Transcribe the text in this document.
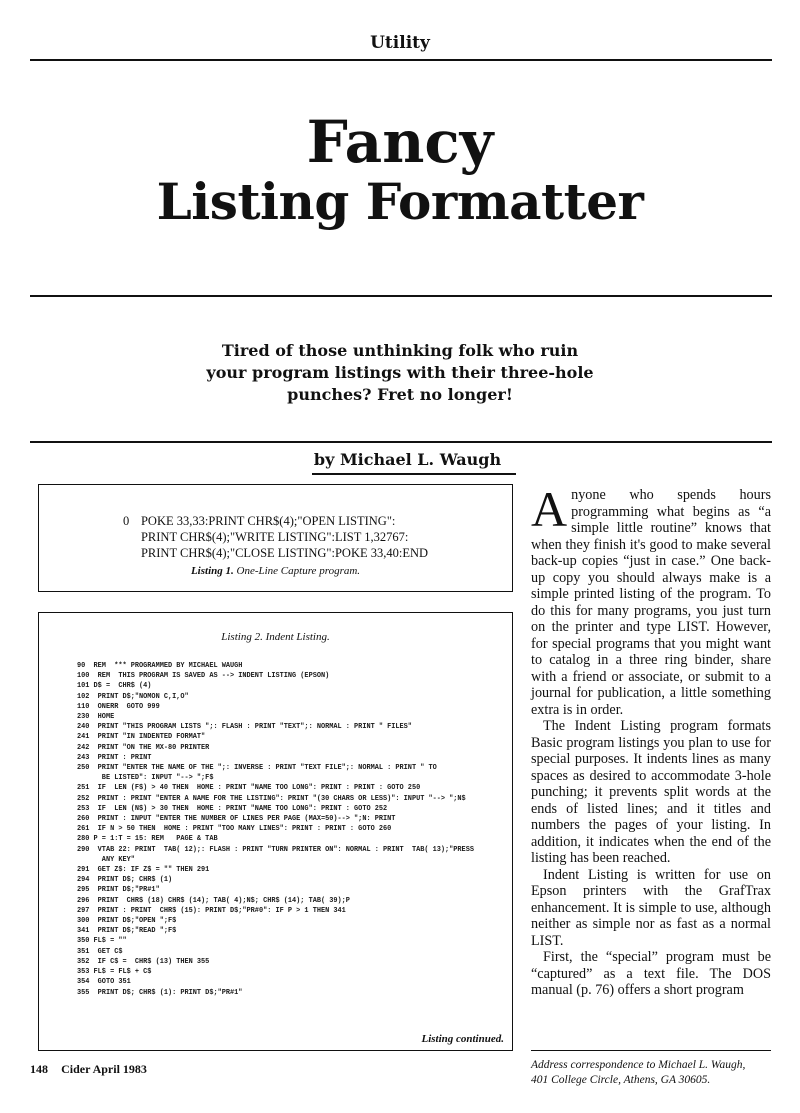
Utility
Fancy
Listing Formatter
Tired of those unthinking folk who ruin your program listings with their three-hole punches? Fret no longer!
by Michael L. Waugh
0 POKE 33,33:PRINT CHR$(4);"OPEN LISTING":
PRINT CHR$(4);"WRITE LISTING":LIST 1,32767:
PRINT CHR$(4);"CLOSE LISTING":POKE 33,40:END
Listing 1. One-Line Capture program.
Listing 2. Indent Listing.
90  REM  *** PROGRAMMED BY MICHAEL WAUGH
100  REM  THIS PROGRAM IS SAVED AS --> INDENT LISTING (EPSON)
101 D$ =  CHR$ (4)
102  PRINT D$;"NOMON C,I,O"
110  ONERR  GOTO 999
230  HOME
240  PRINT "THIS PROGRAM LISTS ";: FLASH : PRINT "TEXT";: NORMAL : PRINT " FILES"
241  PRINT "IN INDENTED FORMAT"
242  PRINT "ON THE MX-80 PRINTER
243  PRINT : PRINT
250  PRINT "ENTER THE NAME OF THE ";: INVERSE : PRINT "TEXT FILE";: NORMAL : PRINT " TO
BE LISTED": INPUT "--> ";F$
251  IF  LEN (F$) > 40 THEN  HOME : PRINT "NAME TOO LONG": PRINT : PRINT : GOTO 250
252  PRINT : PRINT "ENTER A NAME FOR THE LISTING": PRINT "(30 CHARS OR LESS)": INPUT "--> ";N$
253  IF  LEN (N$) > 30 THEN  HOME : PRINT "NAME TOO LONG": PRINT : GOTO 252
260  PRINT : INPUT "ENTER THE NUMBER OF LINES PER PAGE (MAX=50)--> ";N: PRINT
261  IF N > 50 THEN  HOME : PRINT "TOO MANY LINES": PRINT : PRINT : GOTO 260
280 P = 1:T = 15: REM   PAGE & TAB
290  VTAB 22: PRINT  TAB( 12);: FLASH : PRINT "TURN PRINTER ON": NORMAL : PRINT  TAB( 13);"PRESS
ANY KEY"
291  GET Z$: IF Z$ = "" THEN 291
294  PRINT D$; CHR$ (1)
295  PRINT D$;"PR#1"
296  PRINT  CHR$ (18) CHR$ (14); TAB( 4);N$; CHR$ (14); TAB( 39);P
297  PRINT : PRINT  CHR$ (15): PRINT D$;"PR#0": IF P > 1 THEN 341
300  PRINT D$;"OPEN ";F$
341  PRINT D$;"READ ";F$
350 FL$ = ""
351  GET C$
352  IF C$ =  CHR$ (13) THEN 355
353 FL$ = FL$ + C$
354  GOTO 351
355  PRINT D$; CHR$ (1): PRINT D$;"PR#1"
Listing continued.

Anyone who spends hours programming what begins as “a simple little routine” knows that when they finish it's good to make several back-up copies “just in case.” One back-up copy you should always make is a simple printed listing of the program. To do this for many programs, you just turn on the printer and type LIST. However, for special programs that you might want to catalog in a three ring binder, share with a friend or associate, or submit to a journal for publication, a little something extra is in order.

The Indent Listing program formats Basic program listings you plan to use for special purposes. It indents lines as many spaces as desired to accommodate 3-hole punching; it prevents split words at the ends of listed lines; and it titles and numbers the pages of your listing. In addition, it indicates when the end of the listing has been reached.

Indent Listing is written for use on Epson printers with the GrafTrax enhancement. It is simple to use, although neither as simple nor as fast as a normal LIST.

First, the “special” program must be “captured” as a text file. The DOS manual (p. 76) offers a short program

Address correspondence to Michael L. Waugh,
401 College Circle, Athens, GA 30605.
148 Cider April 1983
